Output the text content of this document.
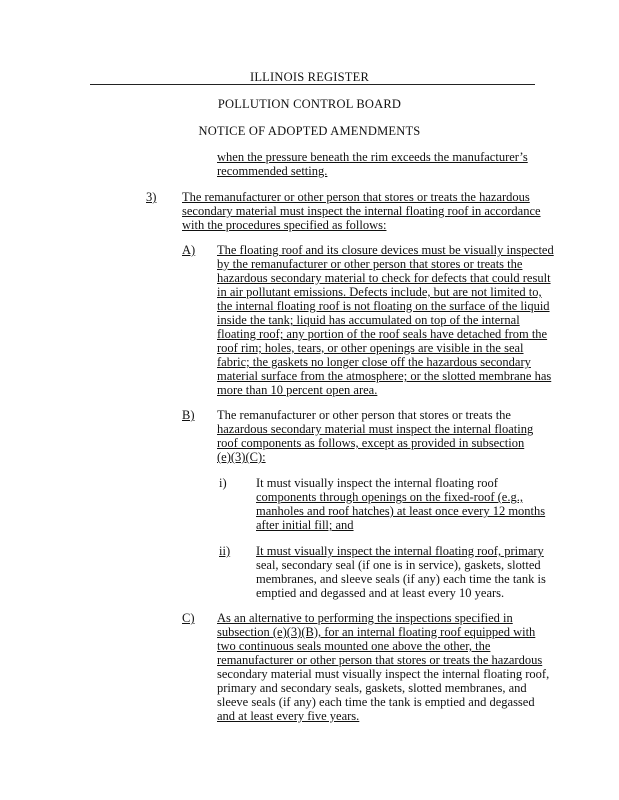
ILLINOIS REGISTER
POLLUTION CONTROL BOARD
NOTICE OF ADOPTED AMENDMENTS
when the pressure beneath the rim exceeds the manufacturer’s
recommended setting.
3) The remanufacturer or other person that stores or treats the hazardous
secondary material must inspect the internal floating roof in accordance
with the procedures specified as follows:
A) The floating roof and its closure devices must be visually inspected
by the remanufacturer or other person that stores or treats the
hazardous secondary material to check for defects that could result
in air pollutant emissions. Defects include, but are not limited to,
the internal floating roof is not floating on the surface of the liquid
inside the tank; liquid has accumulated on top of the internal
floating roof; any portion of the roof seals have detached from the
roof rim; holes, tears, or other openings are visible in the seal
fabric; the gaskets no longer close off the hazardous secondary
material surface from the atmosphere; or the slotted membrane has
more than 10 percent open area.
B) The remanufacturer or other person that stores or treats the
hazardous secondary material must inspect the internal floating
roof components as follows, except as provided in subsection
(e)(3)(C):
i) It must visually inspect the internal floating roof
components through openings on the fixed-roof (e.g.,
manholes and roof hatches) at least once every 12 months
after initial fill; and
ii) It must visually inspect the internal floating roof, primary
seal, secondary seal (if one is in service), gaskets, slotted
membranes, and sleeve seals (if any) each time the tank is
emptied and degassed and at least every 10 years.
C) As an alternative to performing the inspections specified in
subsection (e)(3)(B), for an internal floating roof equipped with
two continuous seals mounted one above the other, the
remanufacturer or other person that stores or treats the hazardous
secondary material must visually inspect the internal floating roof,
primary and secondary seals, gaskets, slotted membranes, and
sleeve seals (if any) each time the tank is emptied and degassed
and at least every five years.
